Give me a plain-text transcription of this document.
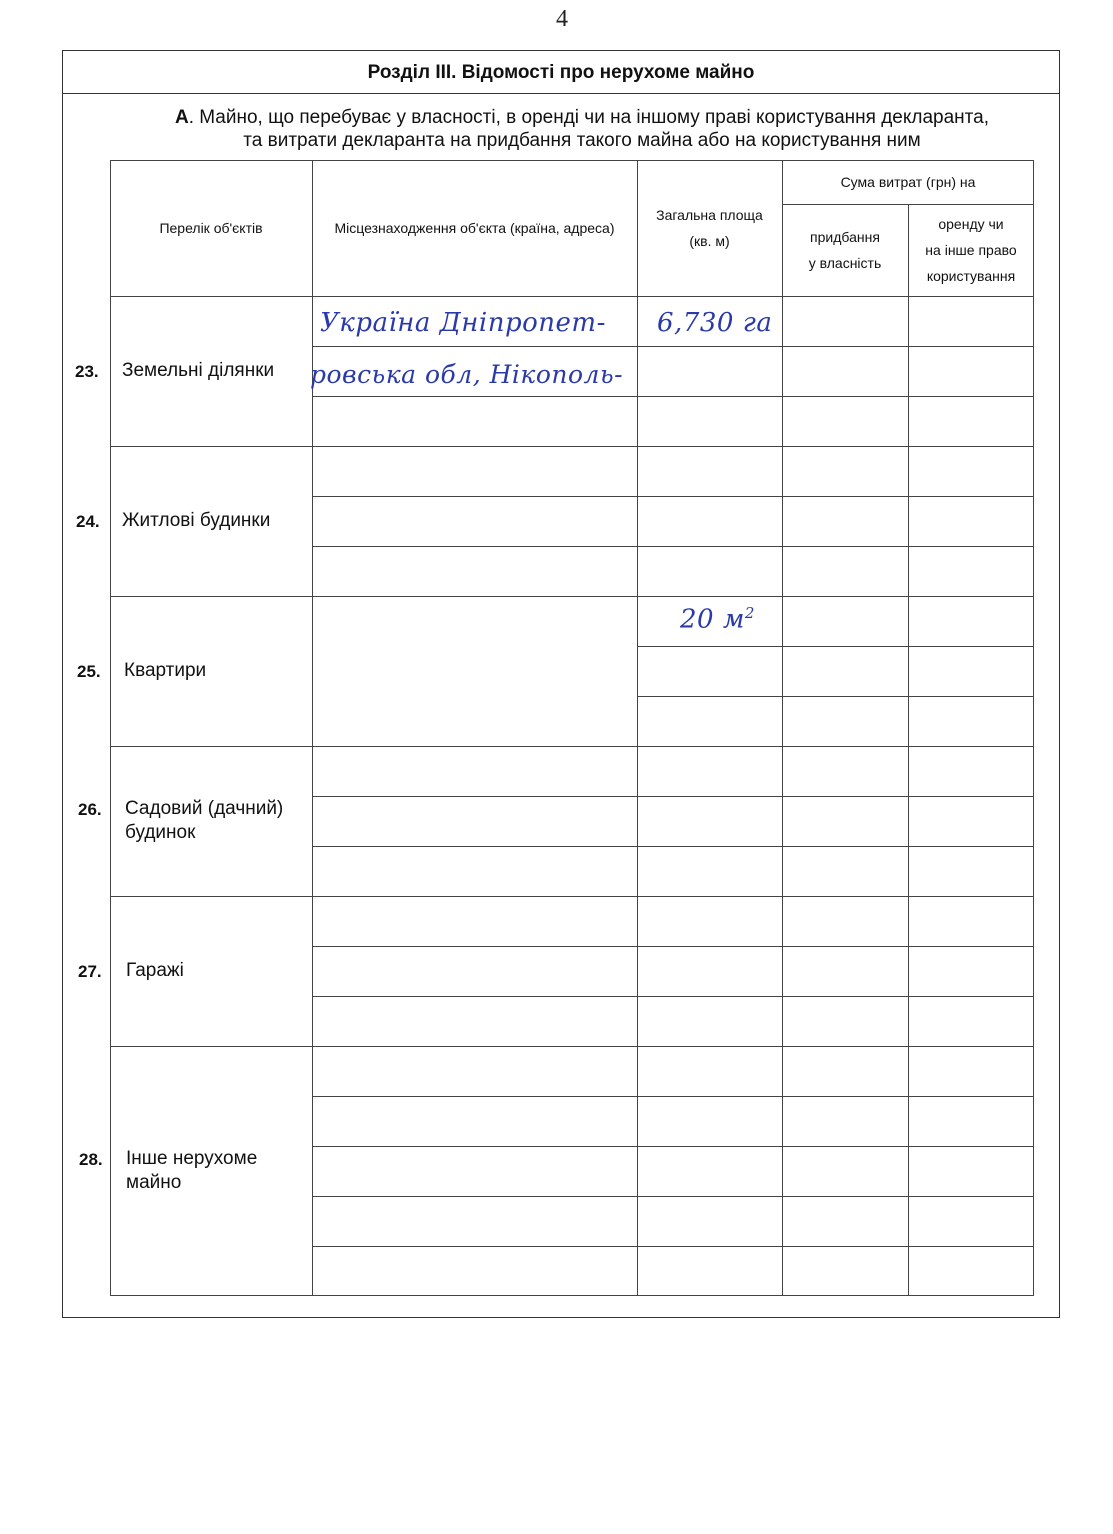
4
Розділ ІІІ. Відомості про нерухоме майно
А. Майно, що перебуває у власності, в оренді чи на іншому праві користування декларанта,
та витрати декларанта на придбання такого майна або на користування ним
Перелік об'єктів	Місцезнаходження об'єкта (країна, адреса)
Загальна площа
(кв. м)
Сума витрат (грн) на
придбання
у власність
оренду чи
на інше право
користування
Земельні ділянки
Житлові будинки
Квартири
Садовий (дачний) будинок
Гаражі
Інше нерухоме майно
Україна Дніпропет-
ровська обл, Нікополь-
6,730 га
20 $м^2$
23.
24.
25.
26.
27.
28.
